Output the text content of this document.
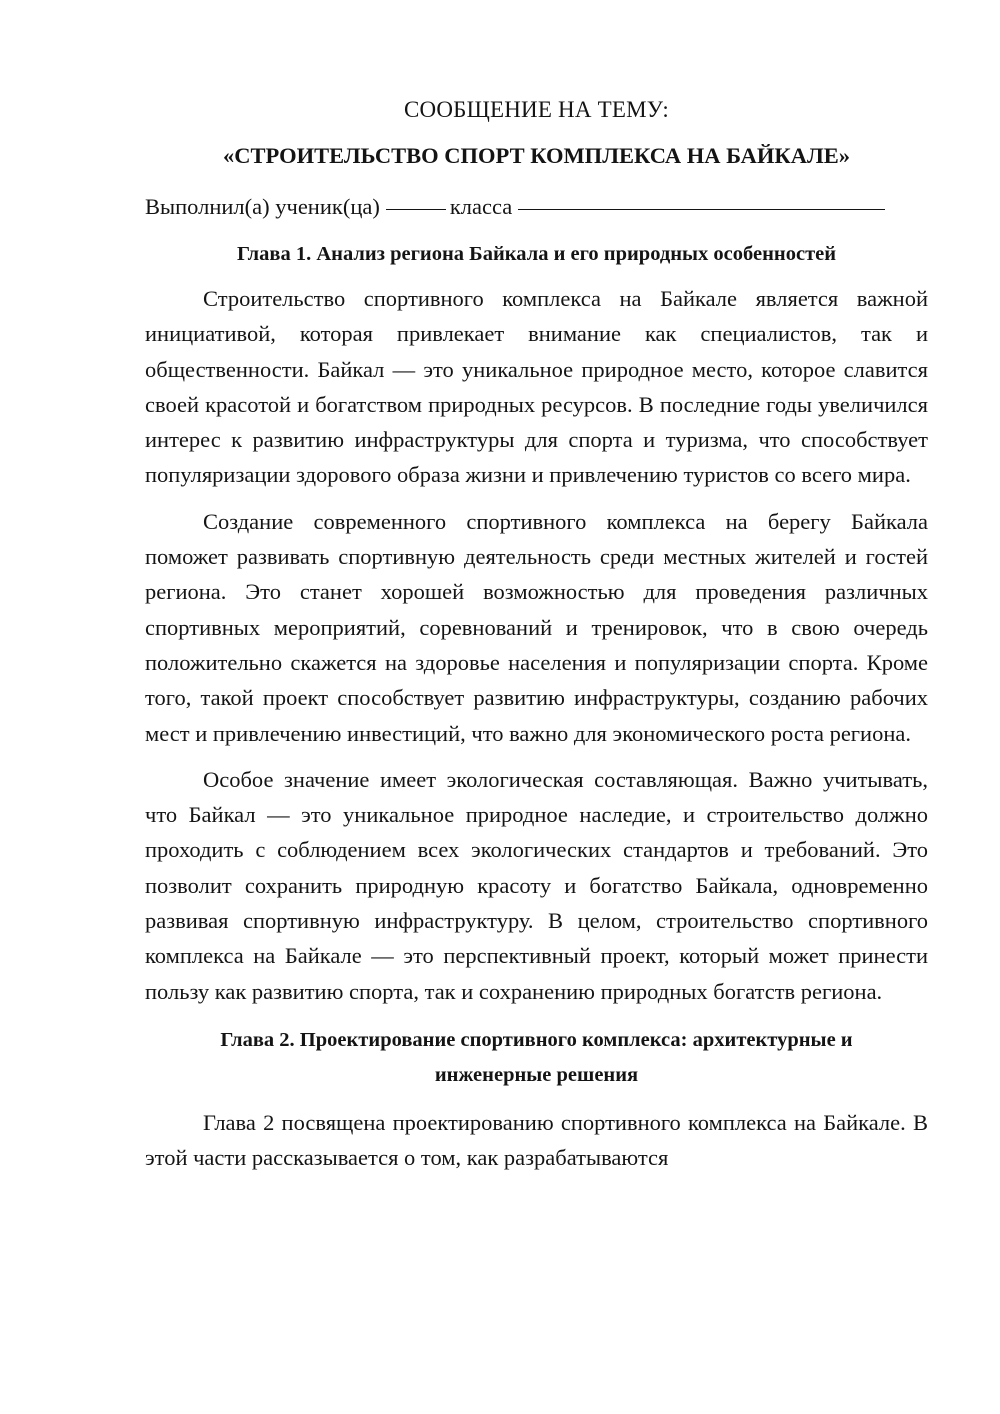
СООБЩЕНИЕ НА ТЕМУ:

«СТРОИТЕЛЬСТВО СПОРТ КОМПЛЕКСА НА БАЙКАЛЕ»

Выполнил(а) ученик(ца)	класса

Глава 1. Анализ региона Байкала и его природных особенностей

Строительство спортивного комплекса на Байкале является важной инициативой, которая привлекает внимание как специалистов, так и общественности. Байкал — это уникальное природное место, которое славится своей красотой и богатством природных ресурсов. В последние годы увеличился интерес к развитию инфраструктуры для спорта и туризма, что способствует популяризации здорового образа жизни и привлечению туристов со всего мира.

Создание современного спортивного комплекса на берегу Байкала поможет развивать спортивную деятельность среди местных жителей и гостей региона. Это станет хорошей возможностью для проведения различных спортивных мероприятий, соревнований и тренировок, что в свою очередь положительно скажется на здоровье населения и популяризации спорта. Кроме того, такой проект способствует развитию инфраструктуры, созданию рабочих мест и привлечению инвестиций, что важно для экономического роста региона.

Особое значение имеет экологическая составляющая. Важно учитывать, что Байкал — это уникальное природное наследие, и строительство должно проходить с соблюдением всех экологических стандартов и требований. Это позволит сохранить природную красоту и богатство Байкала, одновременно развивая спортивную инфраструктуру. В целом, строительство спортивного комплекса на Байкале — это перспективный проект, который может принести пользу как развитию спорта, так и сохранению природных богатств региона.

Глава 2. Проектирование спортивного комплекса: архитектурные и
инженерные решения

Глава 2 посвящена проектированию спортивного комплекса на Байкале. В этой части рассказывается о том, как разрабатываются
